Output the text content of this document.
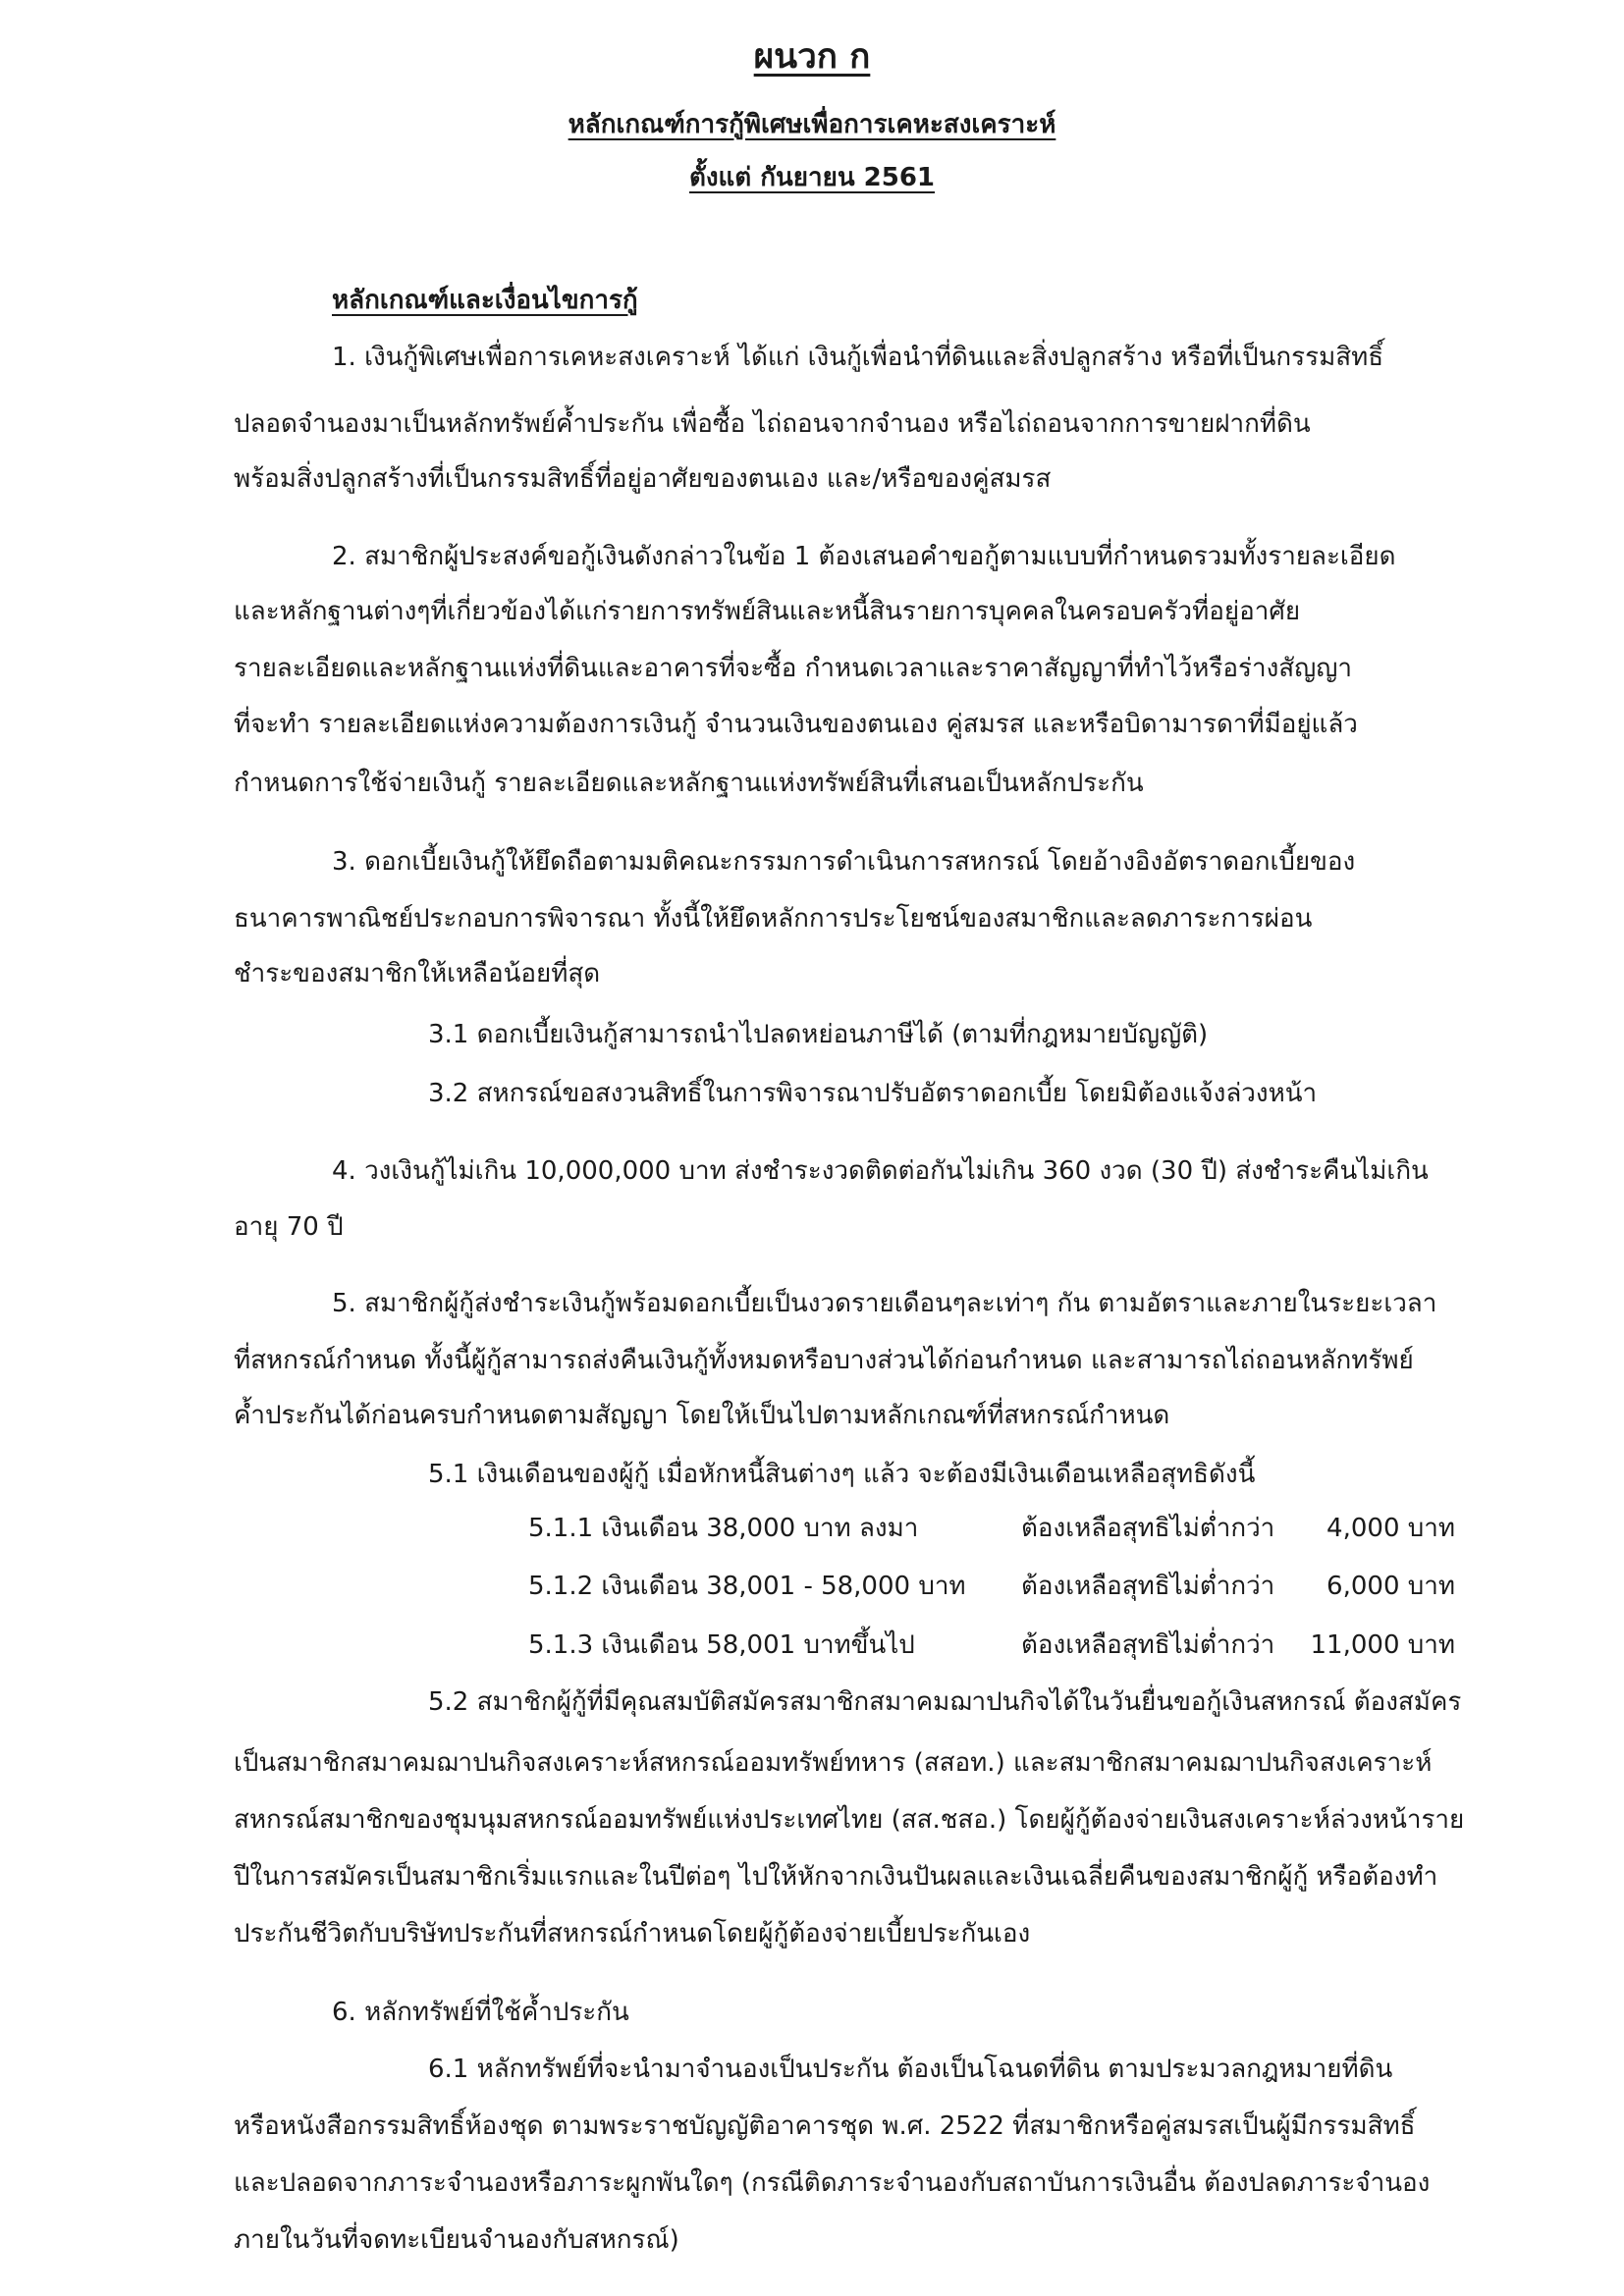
ผนวก ก
หลักเกณฑ์การกู้พิเศษเพื่อการเคหะสงเคราะห์
ตั้งแต่ กันยายน 2561

หลักเกณฑ์และเงื่อนไขการกู้

1. เงินกู้พิเศษเพื่อการเคหะสงเคราะห์ ได้แก่ เงินกู้เพื่อนำที่ดินและสิ่งปลูกสร้าง หรือที่เป็นกรรมสิทธิ์

ปลอดจำนองมาเป็นหลักทรัพย์ค้ำประกัน เพื่อซื้อ ไถ่ถอนจากจำนอง หรือไถ่ถอนจากการขายฝากที่ดิน

พร้อมสิ่งปลูกสร้างที่เป็นกรรมสิทธิ์ที่อยู่อาศัยของตนเอง และ/หรือของคู่สมรส

2. สมาชิกผู้ประสงค์ขอกู้เงินดังกล่าวในข้อ 1 ต้องเสนอคำขอกู้ตามแบบที่กำหนดรวมทั้งรายละเอียด

และหลักฐานต่างๆที่เกี่ยวข้องได้แก่รายการทรัพย์สินและหนี้สินรายการบุคคลในครอบครัวที่อยู่อาศัย

รายละเอียดและหลักฐานแห่งที่ดินและอาคารที่จะซื้อ กำหนดเวลาและราคาสัญญาที่ทำไว้หรือร่างสัญญา

ที่จะทำ รายละเอียดแห่งความต้องการเงินกู้ จำนวนเงินของตนเอง คู่สมรส และหรือบิดามารดาที่มีอยู่แล้ว

กำหนดการใช้จ่ายเงินกู้ รายละเอียดและหลักฐานแห่งทรัพย์สินที่เสนอเป็นหลักประกัน

3. ดอกเบี้ยเงินกู้ให้ยึดถือตามมติคณะกรรมการดำเนินการสหกรณ์ โดยอ้างอิงอัตราดอกเบี้ยของ

ธนาคารพาณิชย์ประกอบการพิจารณา ทั้งนี้ให้ยึดหลักการประโยชน์ของสมาชิกและลดภาระการผ่อน

ชำระของสมาชิกให้เหลือน้อยที่สุด

3.1 ดอกเบี้ยเงินกู้สามารถนำไปลดหย่อนภาษีได้ (ตามที่กฎหมายบัญญัติ)

3.2 สหกรณ์ขอสงวนสิทธิ์ในการพิจารณาปรับอัตราดอกเบี้ย โดยมิต้องแจ้งล่วงหน้า

4. วงเงินกู้ไม่เกิน 10,000,000 บาท ส่งชำระงวดติดต่อกันไม่เกิน 360 งวด (30 ปี) ส่งชำระคืนไม่เกิน

อายุ 70 ปี

5. สมาชิกผู้กู้ส่งชำระเงินกู้พร้อมดอกเบี้ยเป็นงวดรายเดือนๆละเท่าๆ กัน ตามอัตราและภายในระยะเวลา

ที่สหกรณ์กำหนด ทั้งนี้ผู้กู้สามารถส่งคืนเงินกู้ทั้งหมดหรือบางส่วนได้ก่อนกำหนด และสามารถไถ่ถอนหลักทรัพย์

ค้ำประกันได้ก่อนครบกำหนดตามสัญญา โดยให้เป็นไปตามหลักเกณฑ์ที่สหกรณ์กำหนด

5.1 เงินเดือนของผู้กู้ เมื่อหักหนี้สินต่างๆ แล้ว จะต้องมีเงินเดือนเหลือสุทธิดังนี้

5.1.1 เงินเดือน 38,000 บาท ลงมา	ต้องเหลือสุทธิไม่ต่ำกว่า	4,000 บาท

5.1.2 เงินเดือน 38,001 - 58,000 บาท ต้องเหลือสุทธิไม่ต่ำกว่า	6,000 บาท

5.1.3 เงินเดือน 58,001 บาทขึ้นไป	ต้องเหลือสุทธิไม่ต่ำกว่า	11,000 บาท

5.2 สมาชิกผู้กู้ที่มีคุณสมบัติสมัครสมาชิกสมาคมฌาปนกิจได้ในวันยื่นขอกู้เงินสหกรณ์ ต้องสมัคร

เป็นสมาชิกสมาคมฌาปนกิจสงเคราะห์สหกรณ์ออมทรัพย์ทหาร (สสอท.) และสมาชิกสมาคมฌาปนกิจสงเคราะห์

สหกรณ์สมาชิกของชุมนุมสหกรณ์ออมทรัพย์แห่งประเทศไทย (สส.ชสอ.) โดยผู้กู้ต้องจ่ายเงินสงเคราะห์ล่วงหน้าราย

ปีในการสมัครเป็นสมาชิกเริ่มแรกและในปีต่อๆ ไปให้หักจากเงินปันผลและเงินเฉลี่ยคืนของสมาชิกผู้กู้ หรือต้องทำ

ประกันชีวิตกับบริษัทประกันที่สหกรณ์กำหนดโดยผู้กู้ต้องจ่ายเบี้ยประกันเอง

6. หลักทรัพย์ที่ใช้ค้ำประกัน

6.1 หลักทรัพย์ที่จะนำมาจำนองเป็นประกัน ต้องเป็นโฉนดที่ดิน ตามประมวลกฎหมายที่ดิน

หรือหนังสือกรรมสิทธิ์ห้องชุด ตามพระราชบัญญัติอาคารชุด พ.ศ. 2522 ที่สมาชิกหรือคู่สมรสเป็นผู้มีกรรมสิทธิ์

และปลอดจากภาระจำนองหรือภาระผูกพันใดๆ (กรณีติดภาระจำนองกับสถาบันการเงินอื่น ต้องปลดภาระจำนอง

ภายในวันที่จดทะเบียนจำนองกับสหกรณ์)
